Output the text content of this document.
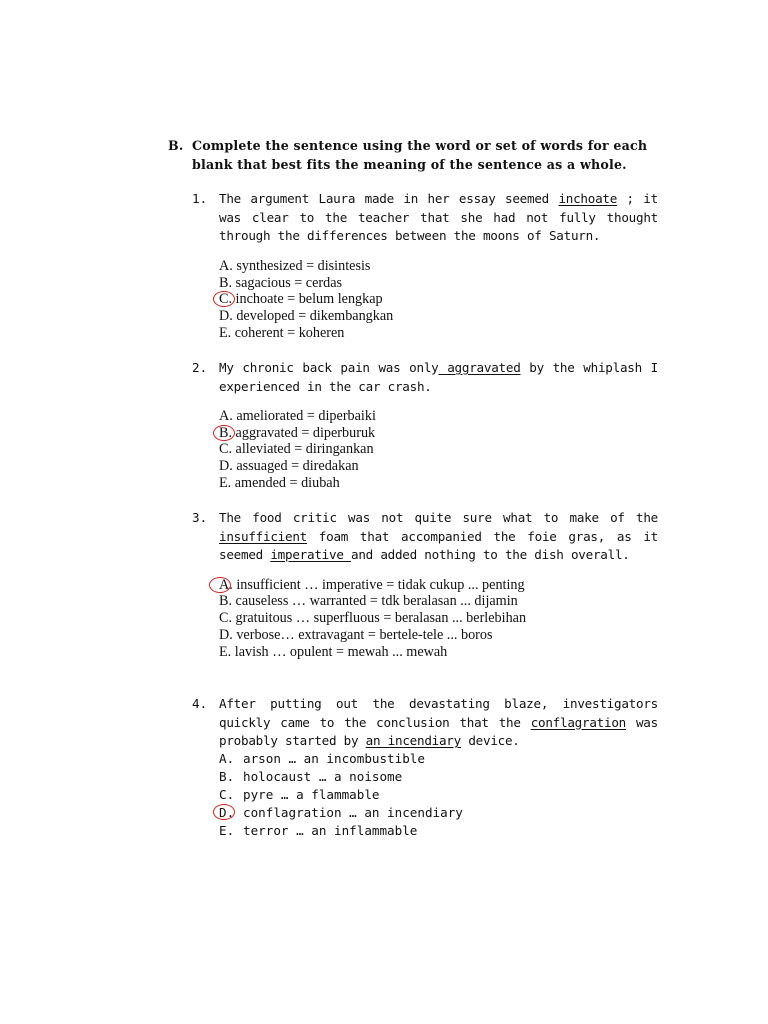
B. Complete the sentence using the word or set of words for each blank that best fits the meaning of the sentence as a whole.
1. The argument Laura made in her essay seemed inchoate ; it was clear to the teacher that she had not fully thought through the differences between the moons of Saturn.
A. synthesized = disintesis
B. sagacious = cerdas
C. inchoate = belum lengkap
D. developed = dikembangkan
E. coherent = koheren
2. My chronic back pain was only aggravated by the whiplash I experienced in the car crash.
A. ameliorated = diperbaiki
B. aggravated = diperburuk
C. alleviated = diringankan
D. assuaged = diredakan
E. amended = diubah
3. The food critic was not quite sure what to make of the insufficient foam that accompanied the foie gras, as it seemed imperative and added nothing to the dish overall.
A. insufficient … imperative = tidak cukup ... penting
B. causeless … warranted = tdk beralasan ... dijamin
C. gratuitous … superfluous = beralasan ... berlebihan
D. verbose… extravagant = bertele-tele ... boros
E. lavish … opulent = mewah ... mewah
4. After putting out the devastating blaze, investigators quickly came to the conclusion that the conflagration was probably started by an incendiary device.
A. arson … an incombustible
B. holocaust … a noisome
C. pyre … a flammable
D. conflagration … an incendiary
E. terror … an inflammable
